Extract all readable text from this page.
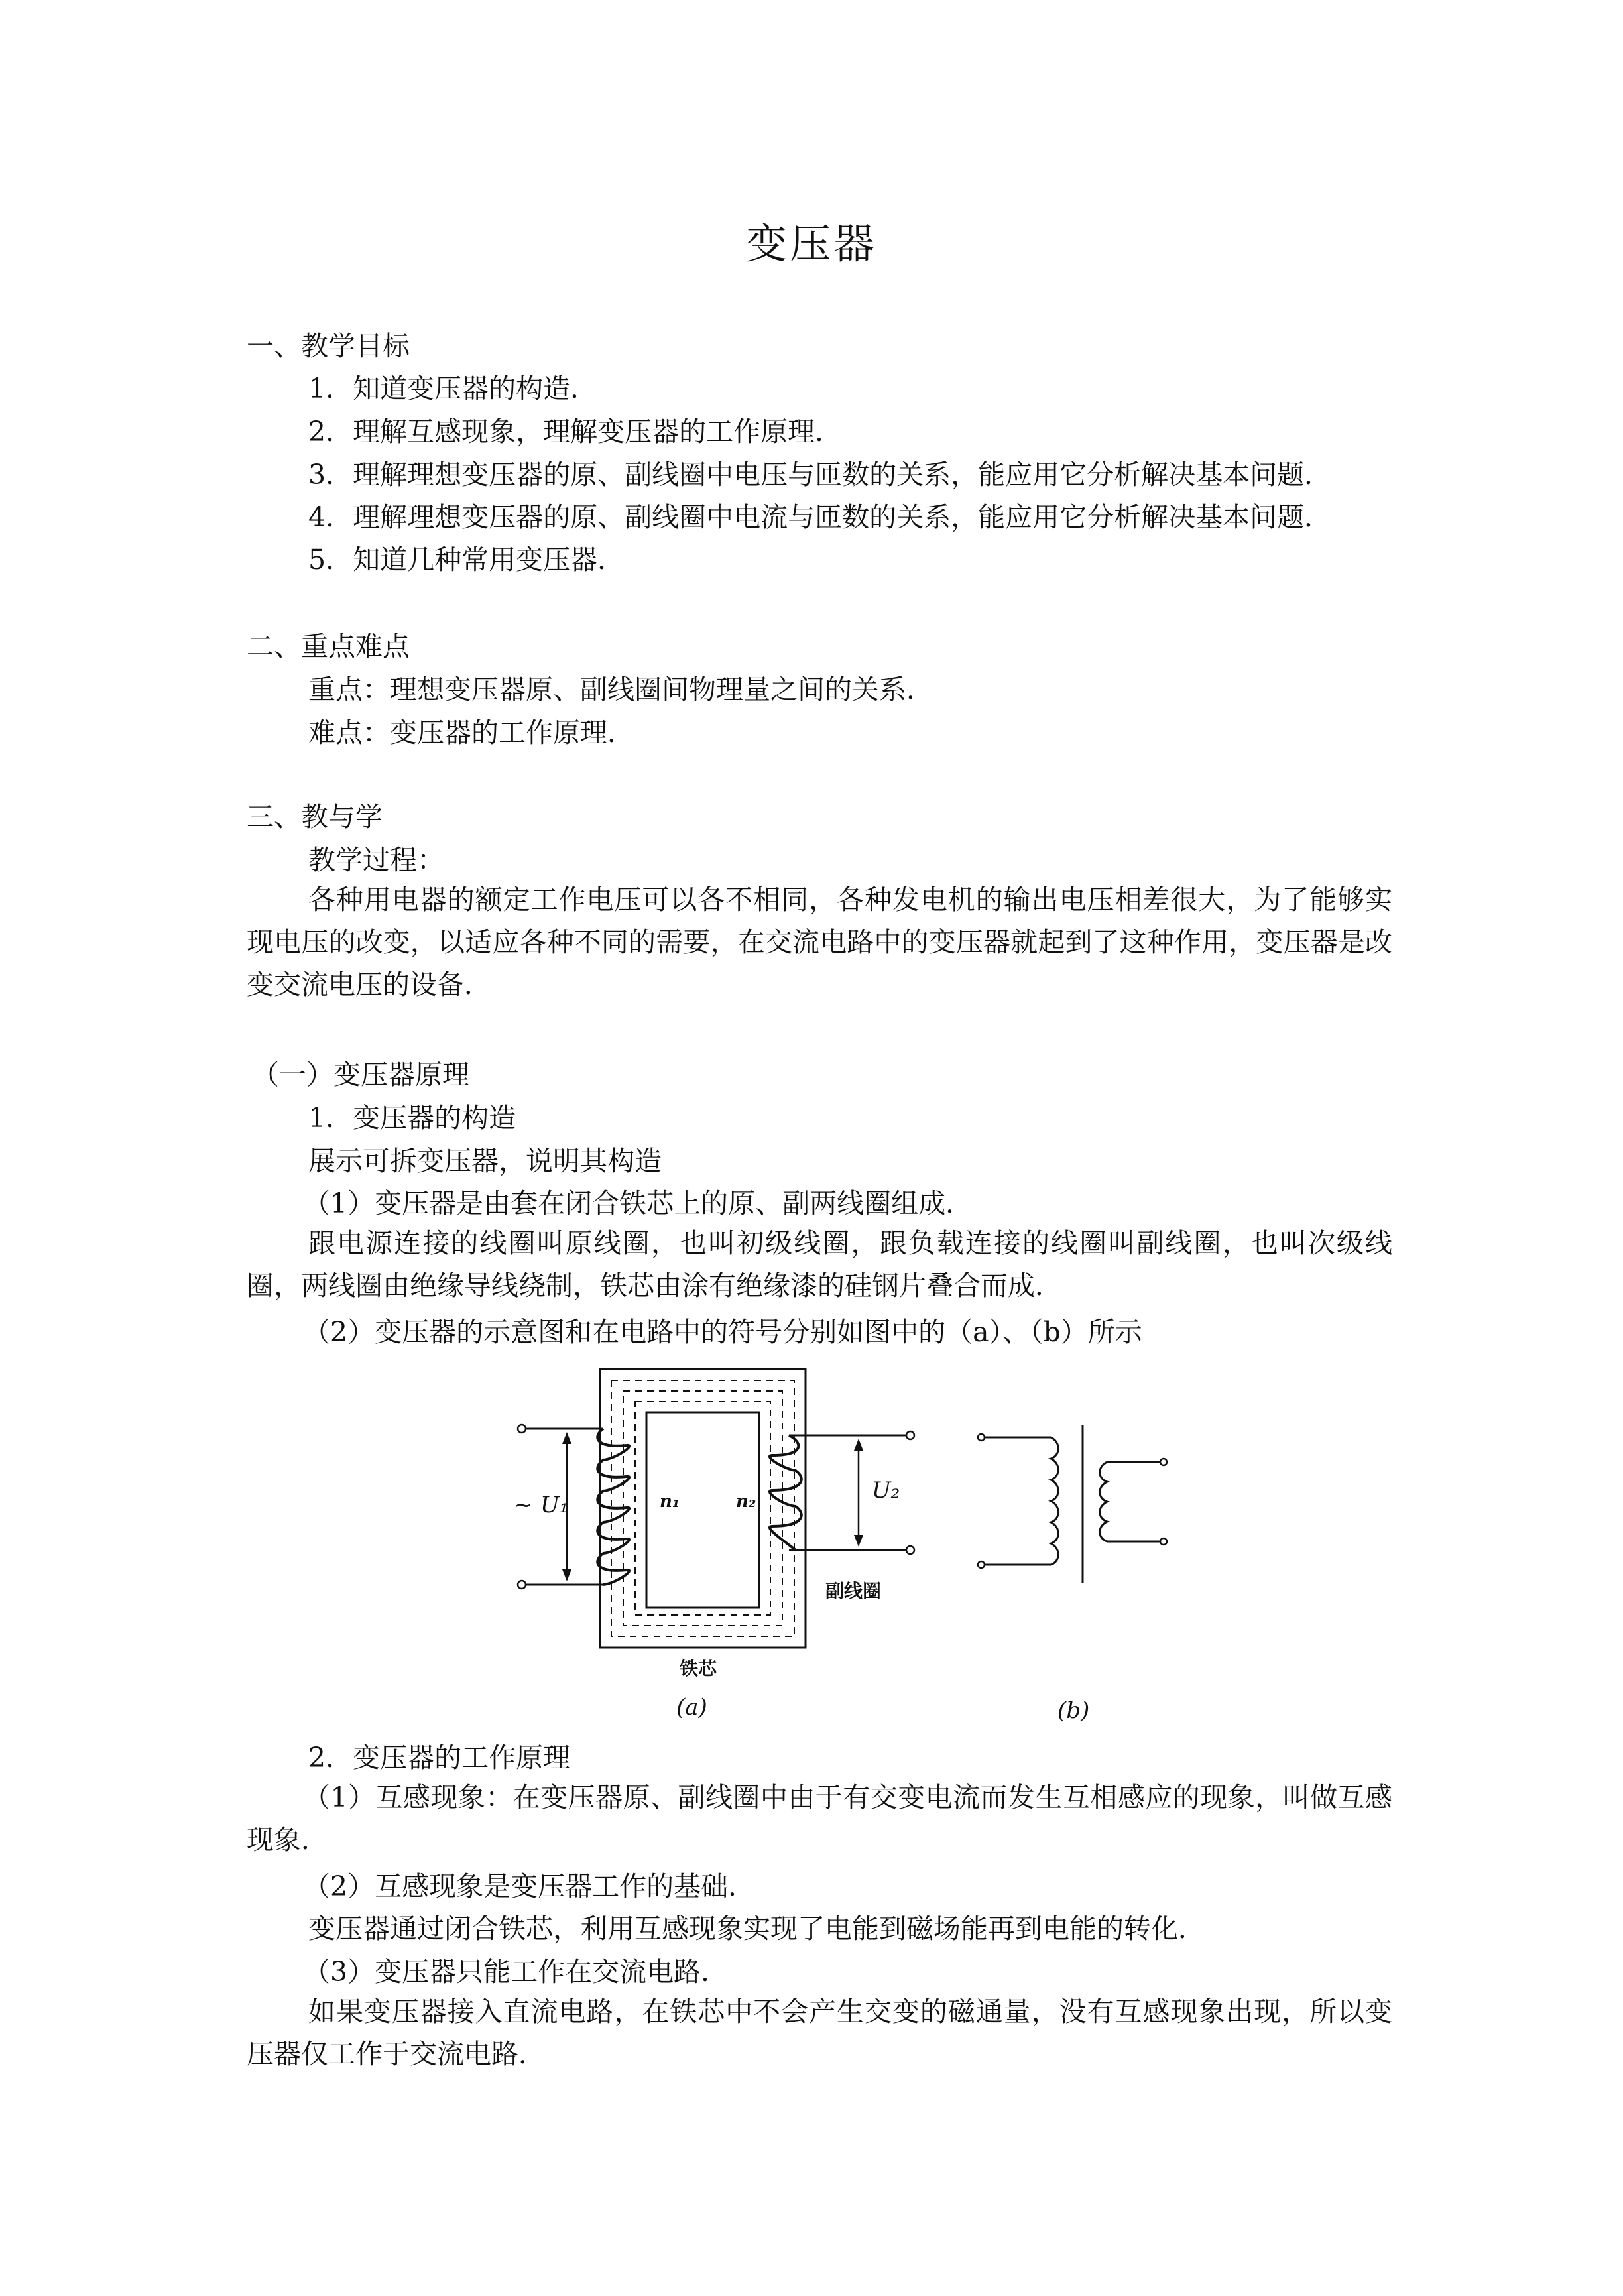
变压器
一、教学目标
1．知道变压器的构造．
2．理解互感现象，理解变压器的工作原理．
3．理解理想变压器的原、副线圈中电压与匝数的关系，能应用它分析解决基本问题．
4．理解理想变压器的原、副线圈中电流与匝数的关系，能应用它分析解决基本问题．
5．知道几种常用变压器．
二、重点难点
重点：理想变压器原、副线圈间物理量之间的关系．
难点：变压器的工作原理．
三、教与学
教学过程：
各种用电器的额定工作电压可以各不相同，各种发电机的输出电压相差很大，为了能够实现电压的改变，以适应各种不同的需要，在交流电路中的变压器就起到了这种作用，变压器是改变交流电压的设备．
（一）变压器原理
1．变压器的构造
展示可拆变压器，说明其构造
（1）变压器是由套在闭合铁芯上的原、副两线圈组成．
跟电源连接的线圈叫原线圈，也叫初级线圈，跟负载连接的线圈叫副线圈，也叫次级线圈，两线圈由绝缘导线绕制，铁芯由涂有绝缘漆的硅钢片叠合而成．
（2）变压器的示意图和在电路中的符号分别如图中的（a）、（b）所示
~ U₁	n₁	n₂	U₂
副线圈
铁芯
(a)	(b)
2．变压器的工作原理
（1）互感现象：在变压器原、副线圈中由于有交变电流而发生互相感应的现象，叫做互感现象．
（2）互感现象是变压器工作的基础．
变压器通过闭合铁芯，利用互感现象实现了电能到磁场能再到电能的转化．
（3）变压器只能工作在交流电路．
如果变压器接入直流电路，在铁芯中不会产生交变的磁通量，没有互感现象出现，所以变压器仅工作于交流电路．
